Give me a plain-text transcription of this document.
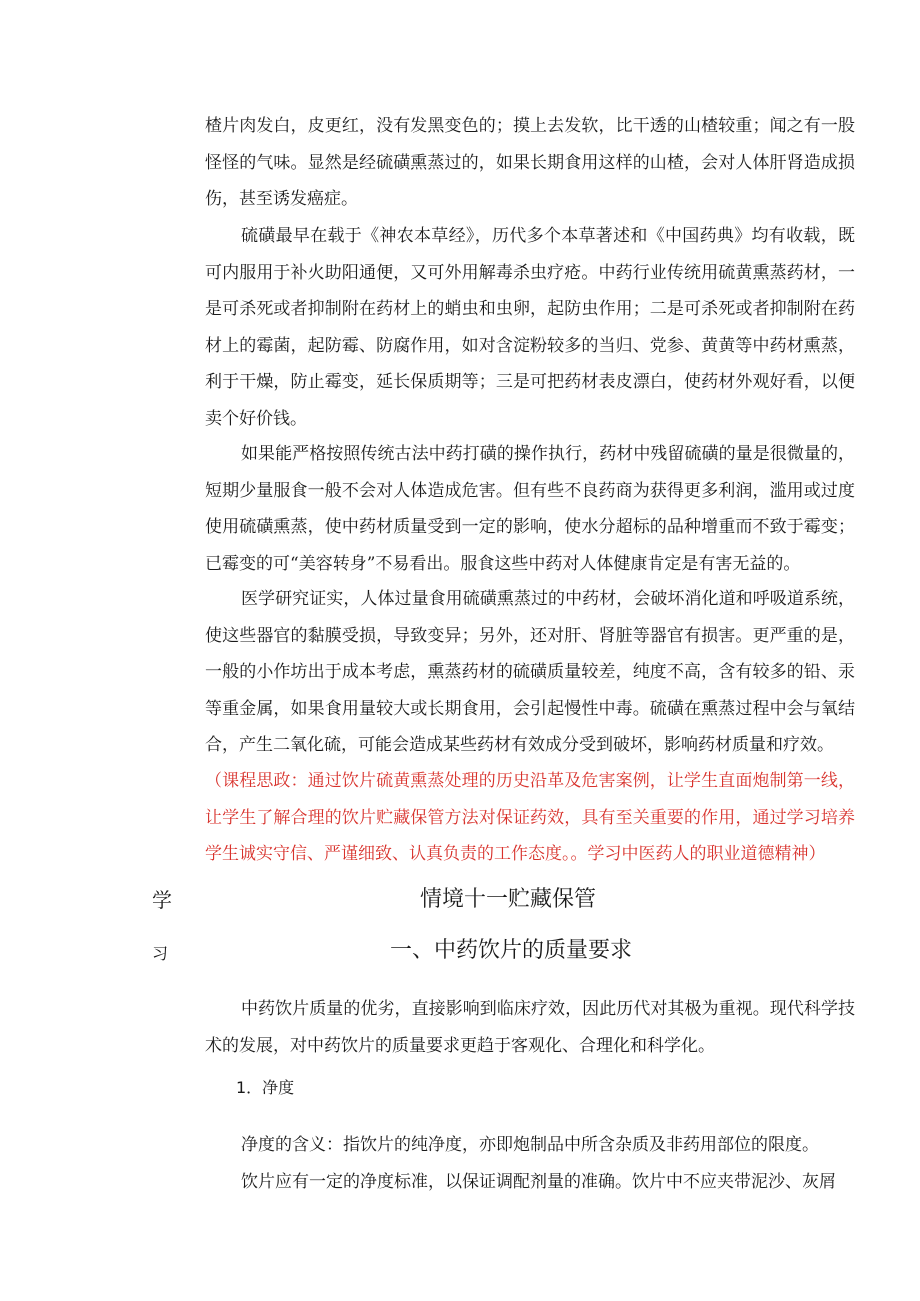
楂片肉发白，皮更红，没有发黑变色的；摸上去发软，比干透的山楂较重；闻之有一股怪怪的气味。显然是经硫磺熏蒸过的，如果长期食用这样的山楂，会对人体肝肾造成损伤，甚至诱发癌症。

硫磺最早在载于《神农本草经》，历代多个本草著述和《中国药典》均有收载，既可内服用于补火助阳通便，又可外用解毒杀虫疗疮。中药行业传统用硫黄熏蒸药材，一是可杀死或者抑制附在药材上的蛸虫和虫卵，起防虫作用；二是可杀死或者抑制附在药材上的霉菌，起防霉、防腐作用，如对含淀粉较多的当归、党参、黄黄等中药材熏蒸，利于干燥，防止霉变，延长保质期等；三是可把药材表皮漂白，使药材外观好看，以便卖个好价钱。

如果能严格按照传统古法中药打磺的操作执行，药材中残留硫磺的量是很微量的，短期少量服食一般不会对人体造成危害。但有些不良药商为获得更多利润，滥用或过度使用硫磺熏蒸，使中药材质量受到一定的影响，使水分超标的品种增重而不致于霉变；已霉变的可“美容转身”不易看出。服食这些中药对人体健康肯定是有害无益的。

医学研究证实，人体过量食用硫磺熏蒸过的中药材，会破坏消化道和呼吸道系统，使这些器官的黏膜受损，导致变异；另外，还对肝、肾脏等器官有损害。更严重的是，一般的小作坊出于成本考虑，熏蒸药材的硫磺质量较差，纯度不高，含有较多的铅、汞等重金属，如果食用量较大或长期食用，会引起慢性中毒。硫磺在熏蒸过程中会与氧结合，产生二氧化硫，可能会造成某些药材有效成分受到破坏，影响药材质量和疗效。

（课程思政：通过饮片硫黄熏蒸处理的历史沿革及危害案例，让学生直面炮制第一线，让学生了解合理的饮片贮藏保管方法对保证药效，具有至关重要的作用，通过学习培养学生诚实守信、严谨细致、认真负责的工作态度。。学习中医药人的职业道德精神）

学	情境十一贮藏保管

习	一、中药饮片的质量要求

中药饮片质量的优劣，直接影响到临床疗效，因此历代对其极为重视。现代科学技术的发展，对中药饮片的质量要求更趋于客观化、合理化和科学化。

1．净度

净度的含义：指饮片的纯净度，亦即炮制品中所含杂质及非药用部位的限度。

饮片应有一定的净度标准，以保证调配剂量的准确。饮片中不应夹带泥沙、灰屑
